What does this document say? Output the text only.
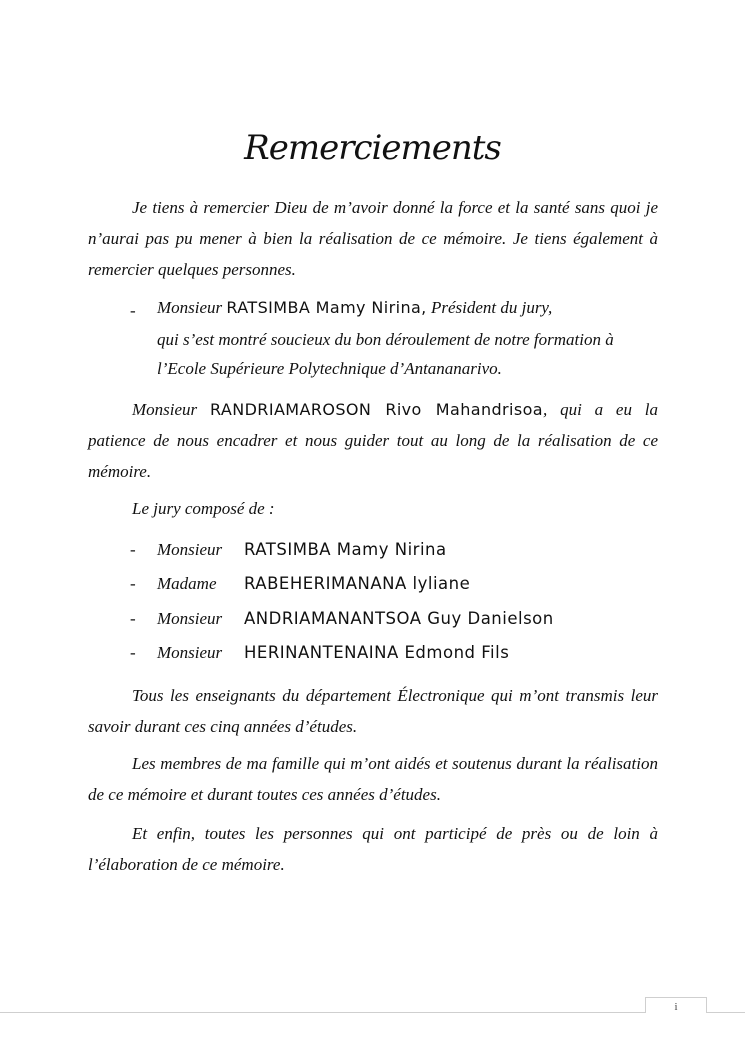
Remerciements

Je tiens à remercier Dieu de m’avoir donné la force et la santé sans quoi je n’aurai pas pu mener à bien la réalisation de ce mémoire. Je tiens également à remercier quelques personnes.

- Monsieur RATSIMBA Mamy Nirina, Président du jury,
qui s’est montré soucieux du bon déroulement de notre formation à
l’Ecole Supérieure Polytechnique d’Antananarivo.

Monsieur RANDRIAMAROSON Rivo Mahandrisoa, qui a eu la patience de nous encadrer et nous guider tout au long de la réalisation de ce mémoire.

Le jury composé de :

- Monsieur RATSIMBA Mamy Nirina
- Madame RABEHERIMANANA lyliane
- Monsieur ANDRIAMANANTSOA Guy Danielson
- Monsieur HERINANTENAINA Edmond Fils

Tous les enseignants du département Électronique qui m’ont transmis leur savoir durant ces cinq années d’études.

Les membres de ma famille qui m’ont aidés et soutenus durant la réalisation de ce mémoire et durant toutes ces années d’études.

Et enfin, toutes les personnes qui ont participé de près ou de loin à l’élaboration de ce mémoire.

i
